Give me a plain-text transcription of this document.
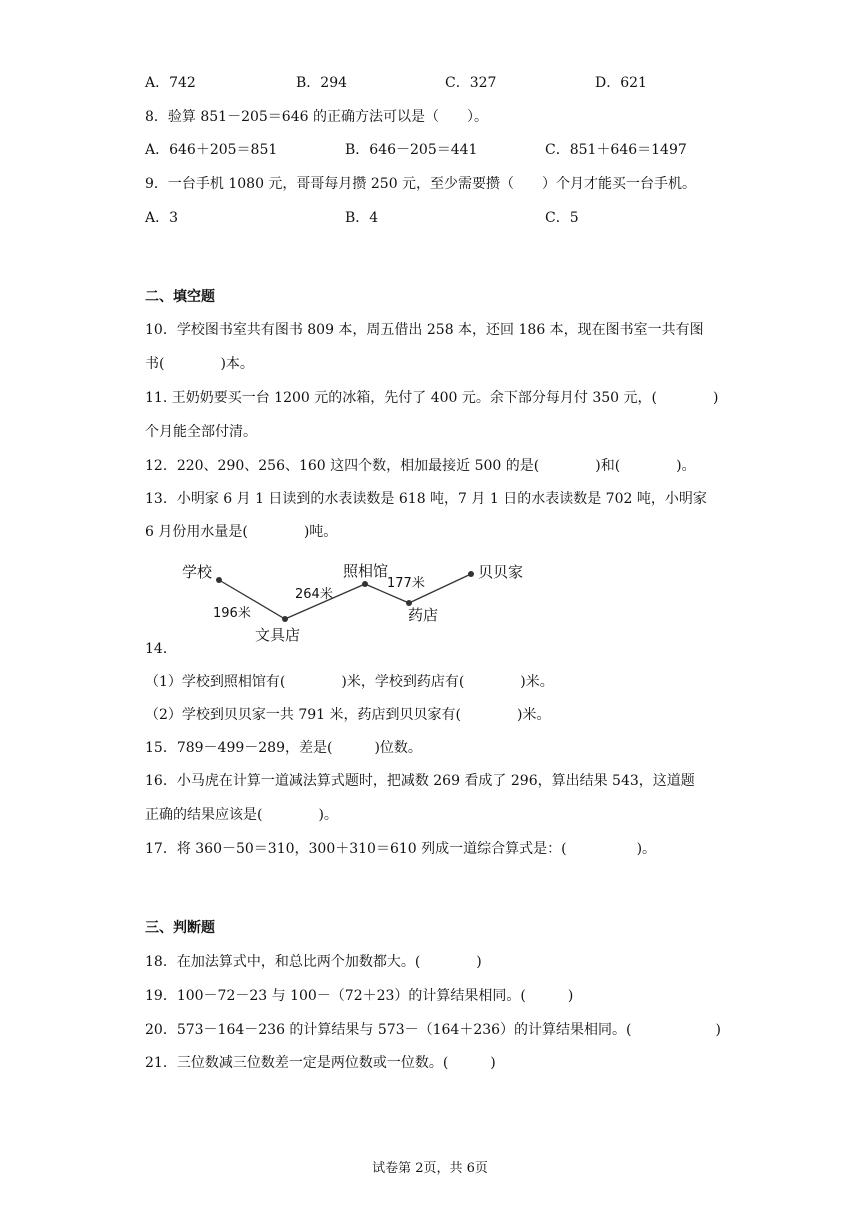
A．742	B．294	C．327	D．621
8．验算 851－205＝646 的正确方法可以是（　　）。
A．646＋205＝851	B．646－205＝441	C．851＋646＝1497
9．一台手机 1080 元，哥哥每月攒 250 元，至少需要攒（　　）个月才能买一台手机。
A．3	B．4	C．5
二、填空题
10．学校图书室共有图书 809 本，周五借出 258 本，还回 186 本，现在图书室一共有图
书(　　　　)本。
11. 王奶奶要买一台 1200 元的冰箱，先付了 400 元。余下部分每月付 350 元，(　　　　)
个月能全部付清。
12．220、290、256、160 这四个数，相加最接近 500 的是(　　　　)和(　　　　)。
13．小明家 6 月 1 日读到的水表读数是 618 吨，7 月 1 日的水表读数是 702 吨，小明家
6 月份用水量是(　　　　)吨。
学校
文具店
照相馆
药店
贝贝家
196米
264米
177米
14．
（1）学校到照相馆有(　　　　)米，学校到药店有(　　　　)米。
（2）学校到贝贝家一共 791 米，药店到贝贝家有(　　　　)米。
15．789－499－289，差是(　　　)位数。
16．小马虎在计算一道减法算式题时，把减数 269 看成了 296，算出结果 543，这道题
正确的结果应该是(　　　　)。
17．将 360－50＝310，300＋310＝610 列成一道综合算式是：(　　　　　)。
三、判断题
18．在加法算式中，和总比两个加数都大。(　　　　)
19．100－72－23 与 100－（72＋23）的计算结果相同。(　　　)
20．573－164－236 的计算结果与 573－（164＋236）的计算结果相同。(　　　　　　)
21．三位数减三位数差一定是两位数或一位数。(　　　)
试卷第 2页，共 6页
